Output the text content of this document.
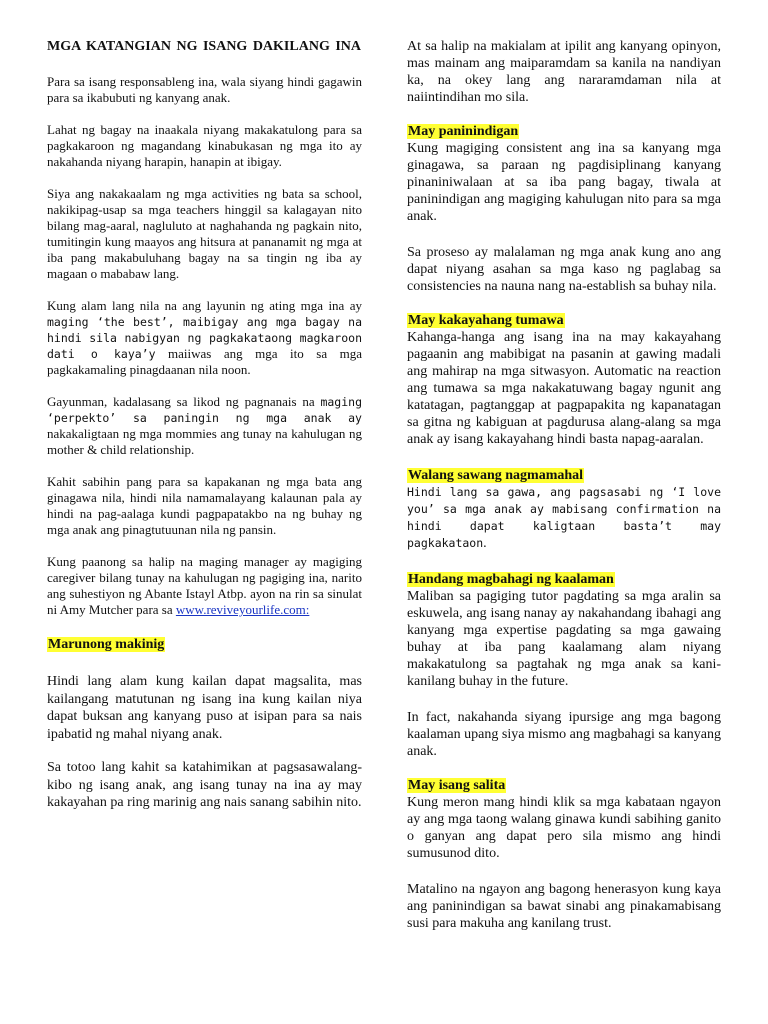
MGA KATANGIAN NG ISANG DAKILANG INA

Para sa isang responsableng ina, wala siyang hindi gagawin para sa ikabubuti ng kanyang anak.

Lahat ng bagay na inaakala niyang makakatulong para sa pagkakaroon ng magandang kinabukasan ng mga ito ay nakahanda niyang harapin, hanapin at ibigay.

Siya ang nakakaalam ng mga activities ng bata sa school, nakikipag-usap sa mga teachers hinggil sa kalagayan nito bilang mag-aaral, nagluluto at naghahanda ng pagkain nito, tumitingin kung maayos ang hitsura at pananamit ng mga at iba pang makabuluhang bagay na sa tingin ng iba ay magaan o mababaw lang.

Kung alam lang nila na ang layunin ng ating mga ina ay maging ‘the best’, maibigay ang mga bagay na hindi sila nabigyan ng pagkakataong magkaroon dati o kaya’y maiiwas ang mga ito sa mga pagkakamaling pinagdaanan nila noon.

Gayunman, kadalasang sa likod ng pagnanais na maging ‘perpekto’ sa paningin ng mga anak ay nakakaligtaan ng mga mommies ang tunay na kahulugan ng mother & child relationship.

Kahit sabihin pang para sa kapakanan ng mga bata ang ginagawa nila, hindi nila namamalayang kalaunan pala ay hindi na pag-aalaga kundi pagpapatakbo na ng buhay ng mga anak ang pinagtutuunan nila ng pansin.

Kung paanong sa halip na maging manager ay magiging caregiver bilang tunay na kahulugan ng pagiging ina, narito ang suhestiyon ng Abante Istayl Atbp. ayon na rin sa sinulat ni Amy Mutcher para sa www.reviveyourlife.com:

Marunong makinig

Hindi lang alam kung kailan dapat magsalita, mas kailangang matutunan ng isang ina kung kailan niya dapat buksan ang kanyang puso at isipan para sa nais ipabatid ng mahal niyang anak.

Sa totoo lang kahit sa katahimikan at pagsasawalang-kibo ng isang anak, ang isang tunay na ina ay may kakayahan pa ring marinig ang nais sanang sabihin nito.

At sa halip na makialam at ipilit ang kanyang opinyon, mas mainam ang maiparamdam sa kanila na nandiyan ka, na okey lang ang nararamdaman nila at naiintindihan mo sila.

May paninindigan

Kung magiging consistent ang ina sa kanyang mga ginagawa, sa paraan ng pagdisiplinang kanyang pinaniniwalaan at sa iba pang bagay, tiwala at paninindigan ang magiging kahulugan nito para sa mga anak.

Sa proseso ay malalaman ng mga anak kung ano ang dapat niyang asahan sa mga kaso ng paglabag sa consistencies na nauna nang na-establish sa buhay nila.

May kakayahang tumawa

Kahanga-hanga ang isang ina na may kakayahang pagaanin ang mabibigat na pasanin at gawing madali ang mahirap na mga sitwasyon. Automatic na reaction ang tumawa sa mga nakakatuwang bagay ngunit ang katatagan, pagtanggap at pagpapakita ng kapanatagan sa gitna ng kabiguan at pagdurusa alang-alang sa mga anak ay isang kakayahang hindi basta napag-aaralan.

Walang sawang nagmamahal

Hindi lang sa gawa, ang pagsasabi ng ‘I love you’ sa mga anak ay mabisang confirmation na hindi dapat kaligtaan basta’t may pagkakataon.

Handang magbahagi ng kaalaman

Maliban sa pagiging tutor pagdating sa mga aralin sa eskuwela, ang isang nanay ay nakahandang ibahagi ang kanyang mga expertise pagdating sa mga gawaing buhay at iba pang kaalamang alam niyang makakatulong sa pagtahak ng mga anak sa kani-kanilang buhay in the future.

In fact, nakahanda siyang ipursige ang mga bagong kaalaman upang siya mismo ang magbahagi sa kanyang anak.

May isang salita

Kung meron mang hindi klik sa mga kabataan ngayon ay ang mga taong walang ginawa kundi sabihing ganito o ganyan ang dapat pero sila mismo ang hindi sumusunod dito.

Matalino na ngayon ang bagong henerasyon kung kaya ang paninindigan sa bawat sinabi ang pinakamabisang susi para makuha ang kanilang trust.
